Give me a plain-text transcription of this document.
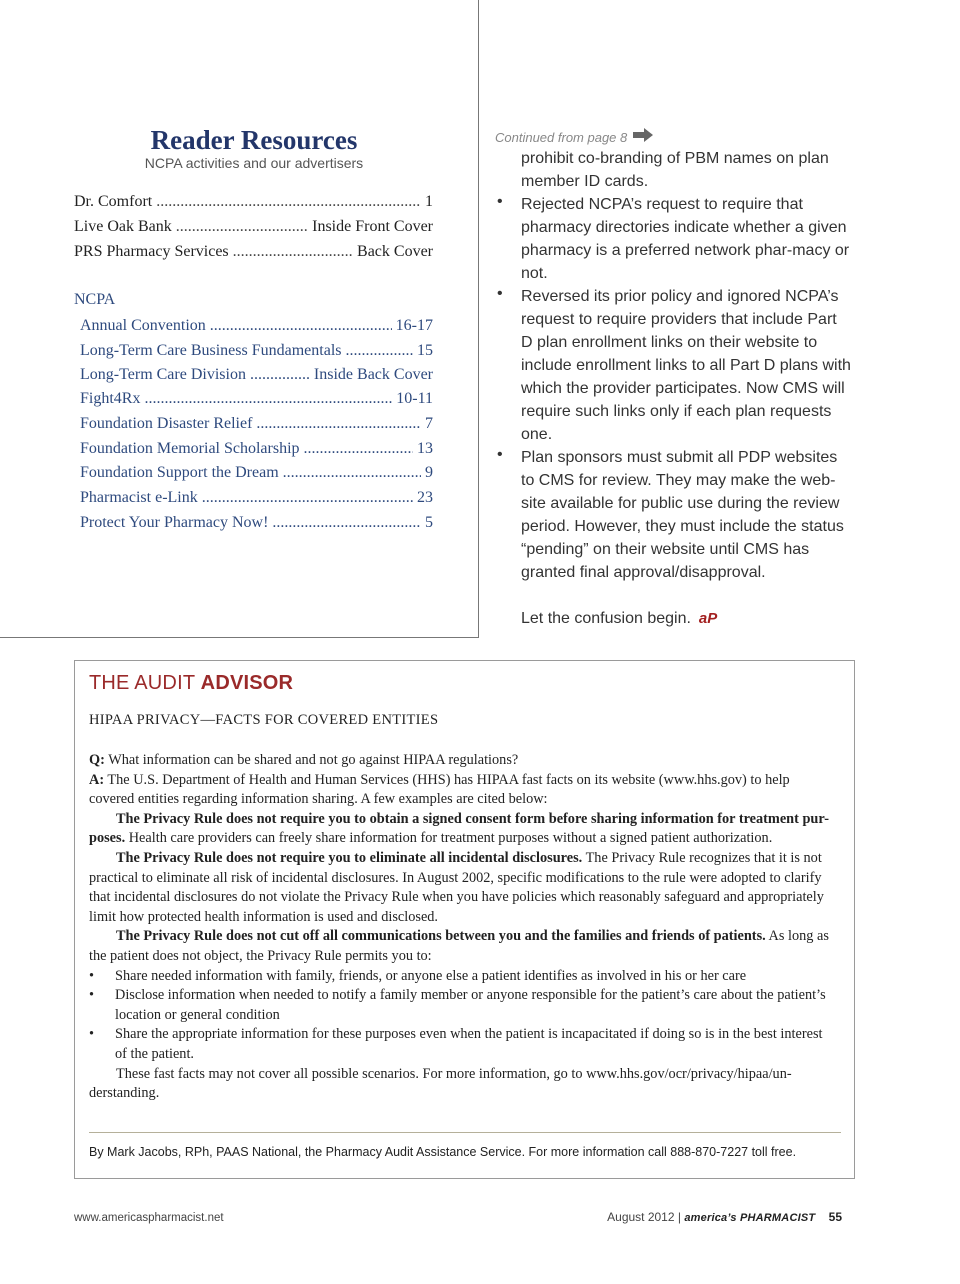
Reader Resources
NCPA activities and our advertisers
Dr. Comfort .....	1
Live Oak Bank .....	Inside Front Cover
PRS Pharmacy Services .....	Back Cover
NCPA
Annual Convention .....	16-17
Long-Term Care Business Fundamentals .....	15
Long-Term Care Division .....	Inside Back Cover
Fight4Rx .....	10-11
Foundation Disaster Relief .....	7
Foundation Memorial Scholarship .....	13
Foundation Support the Dream .....	9
Pharmacist e-Link .....	23
Protect Your Pharmacy Now! .....	5
Continued from page 8
prohibit co-branding of PBM names on plan member ID cards.
• Rejected NCPA’s request to require that pharmacy directories indicate whether a given pharmacy is a preferred network phar-macy or not.
• Reversed its prior policy and ignored NCPA’s request to require providers that include Part D plan enrollment links on their website to include enrollment links to all Part D plans with which the provider participates. Now CMS will require such links only if each plan requests one.
• Plan sponsors must submit all PDP websites to CMS for review. They may make the web-site available for public use during the review period. However, they must include the status “pending” on their website until CMS has granted final approval/disapproval.
Let the confusion begin. aP
THE AUDIT ADVISOR
HIPAA PRIVACY—FACTS FOR COVERED ENTITIES

Q: What information can be shared and not go against HIPAA regulations?

A: The U.S. Department of Health and Human Services (HHS) has HIPAA fast facts on its website (www.hhs.gov) to help covered entities regarding information sharing. A few examples are cited below:

The Privacy Rule does not require you to obtain a signed consent form before sharing information for treatment pur-poses. Health care providers can freely share information for treatment purposes without a signed patient authorization.

The Privacy Rule does not require you to eliminate all incidental disclosures. The Privacy Rule recognizes that it is not practical to eliminate all risk of incidental disclosures. In August 2002, specific modifications to the rule were adopted to clarify that incidental disclosures do not violate the Privacy Rule when you have policies which reasonably safeguard and appropriately limit how protected health information is used and disclosed.

The Privacy Rule does not cut off all communications between you and the families and friends of patients. As long as the patient does not object, the Privacy Rule permits you to:

• Share needed information with family, friends, or anyone else a patient identifies as involved in his or her care
• Disclose information when needed to notify a family member or anyone responsible for the patient’s care about the patient’s location or general condition
• Share the appropriate information for these purposes even when the patient is incapacitated if doing so is in the best interest of the patient.

These fast facts may not cover all possible scenarios. For more information, go to www.hhs.gov/ocr/privacy/hipaa/un-derstanding.

By Mark Jacobs, RPh, PAAS National, the Pharmacy Audit Assistance Service. For more information call 888-870-7227 toll free.
www.americaspharmacist.net	August 2012 | america’s PHARMACIST 55
